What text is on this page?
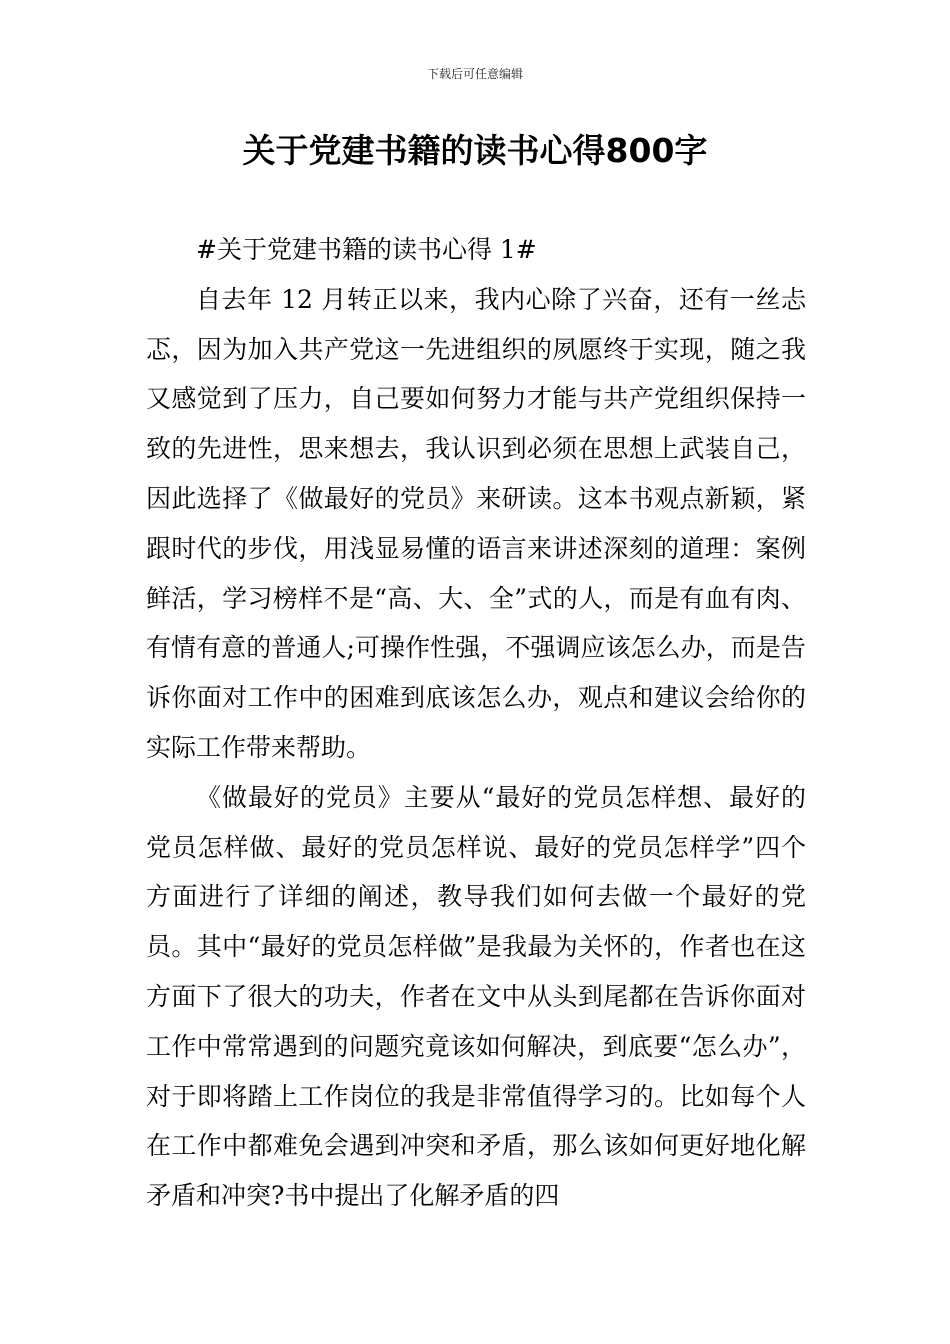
下载后可任意编辑
关于党建书籍的读书心得800字

#关于党建书籍的读书心得 1#

自去年 12 月转正以来，我内心除了兴奋，还有一丝忐忑，因为加入共产党这一先进组织的夙愿终于实现，随之我又感觉到了压力，自己要如何努力才能与共产党组织保持一致的先进性，思来想去，我认识到必须在思想上武装自己，因此选择了《做最好的党员》来研读。这本书观点新颖，紧跟时代的步伐，用浅显易懂的语言来讲述深刻的道理：案例鲜活，学习榜样不是“高、大、全”式的人，而是有血有肉、有情有意的普通人;可操作性强，不强调应该怎么办，而是告诉你面对工作中的困难到底该怎么办，观点和建议会给你的实际工作带来帮助。

《做最好的党员》主要从“最好的党员怎样想、最好的党员怎样做、最好的党员怎样说、最好的党员怎样学”四个方面进行了详细的阐述，教导我们如何去做一个最好的党员。其中“最好的党员怎样做”是我最为关怀的，作者也在这方面下了很大的功夫，作者在文中从头到尾都在告诉你面对工作中常常遇到的问题究竟该如何解决，到底要“怎么办”，对于即将踏上工作岗位的我是非常值得学习的。比如每个人在工作中都难免会遇到冲突和矛盾，那么该如何更好地化解矛盾和冲突?书中提出了化解矛盾的四
